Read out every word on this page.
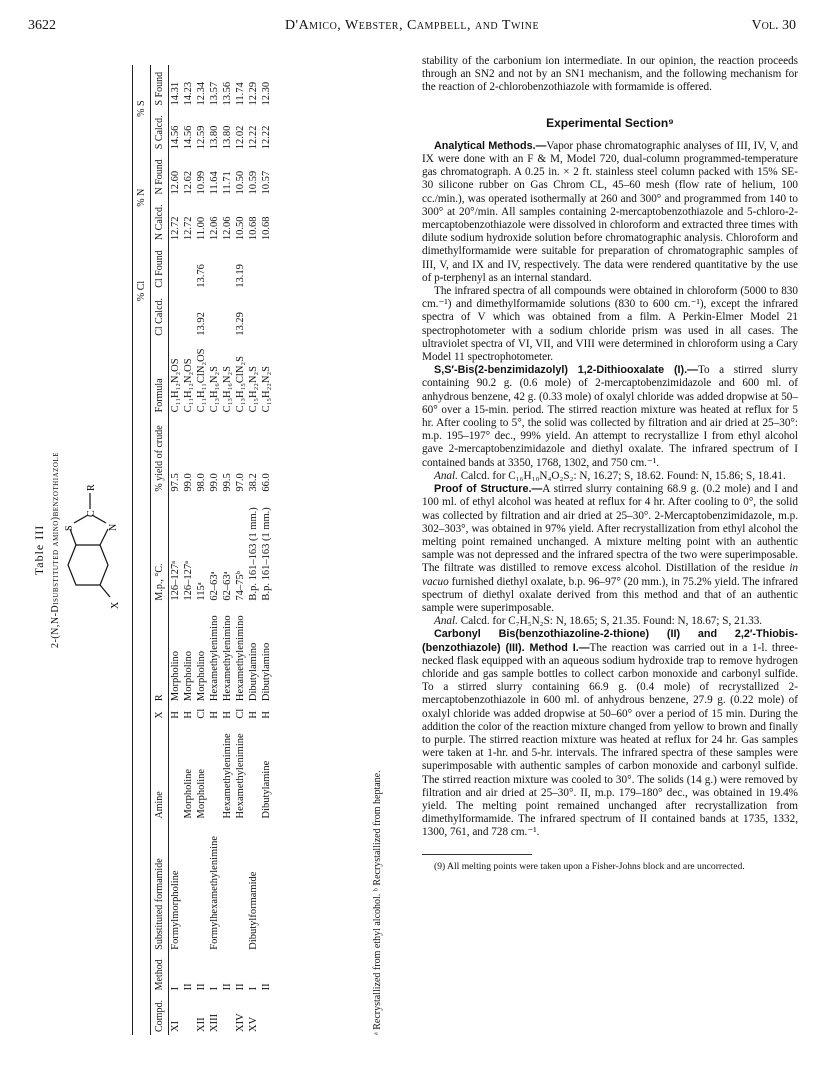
3622	D'Amico, Webster, Campbell, and Twine	Vol. 30
Table III 2-(N,N-Disubstituted amino)benzothiazole S	N
C
R
X
									% Cl		% N		% S	
Compd.	Method	Substituted formamide	Amine	X	R	M.p., °C.	% yield of crude	Formula	Cl Calcd.	Cl Found	N Calcd.	N Found	S Calcd.	S Found
XI	I	Formylmorpholine		H	Morpholino	126–127ᵃ	97.5	C₁₁H₁₂N₂OS			12.72	12.60	14.56	14.31
	II		Morpholine	H	Morpholino	126–127ᵃ	99.0	C₁₁H₁₂N₂OS			12.72	12.62	14.56	14.23
XII	II		Morpholine	Cl	Morpholino	115ᵃ	98.0	C₁₁H₁₁ClN₂OS	13.92	13.76	11.00	10.99	12.59	12.34
XIII	I	Formylhexamethylenimine		H	Hexamethylenimino	62–63ᵃ	99.0	C₁₃H₁₆N₂S			12.06	11.64	13.80	13.57
	II		Hexamethylenimine	H	Hexamethylenimino	62–63ᵃ	99.5	C₁₃H₁₆N₂S			12.06	11.71	13.80	13.56
XIV	II		Hexamethylenimine	Cl	Hexamethylenimino	74–75ᵇ	97.0	C₁₃H₁₅ClN₂S	13.29	13.19	10.50	10.50	12.02	11.74
XV	I	Dibutylformamide		H	Dibutylamino	B.p. 161–163 (1 mm.)	38.2	C₁₅H₂₂N₂S			10.68	10.59	12.22	12.29
	II		Dibutylamine	H	Dibutylamino	B.p. 161–163 (1 mm.)	66.0	C₁₅H₂₂N₂S			10.68	10.57	12.22	12.30
ᵃ Recrystallized from ethyl alcohol. ᵇ Recrystallized from heptane.

stability of the carbonium ion intermediate. In our opinion, the reaction proceeds through an SN2 and not by an SN1 mechanism, and the following mechanism for the reaction of 2-chlorobenzothiazole with formamide is offered.

Experimental Section⁹

Analytical Methods.—Vapor phase chromatographic analyses of III, IV, V, and IX were done with an F & M, Model 720, dual-column programmed-temperature gas chromatograph. A 0.25 in. × 2 ft. stainless steel column packed with 15% SE-30 silicone rubber on Gas Chrom CL, 45–60 mesh (flow rate of helium, 100 cc./min.), was operated isothermally at 260 and 300° and programmed from 140 to 300° at 20°/min. All samples containing 2-mercaptobenzothiazole and 5-chloro-2-mercaptobenzothiazole were dissolved in chloroform and extracted three times with dilute sodium hydroxide solution before chromatographic analysis. Chloroform and dimethylformamide were suitable for preparation of chromatographic samples of III, V, and IX and IV, respectively. The data were rendered quantitative by the use of p-terphenyl as an internal standard.

The infrared spectra of all compounds were obtained in chloroform (5000 to 830 cm.⁻¹) and dimethylformamide solutions (830 to 600 cm.⁻¹), except the infrared spectra of V which was obtained from a film. A Perkin-Elmer Model 21 spectrophotometer with a sodium chloride prism was used in all cases. The ultraviolet spectra of VI, VII, and VIII were determined in chloroform using a Cary Model 11 spectrophotometer.

S,S′-Bis(2-benzimidazolyl) 1,2-Dithiooxalate (I).—To a stirred slurry containing 90.2 g. (0.6 mole) of 2-mercaptobenzimidazole and 600 ml. of anhydrous benzene, 42 g. (0.33 mole) of oxalyl chloride was added dropwise at 50–60° over a 15-min. period. The stirred reaction mixture was heated at reflux for 5 hr. After cooling to 5°, the solid was collected by filtration and air dried at 25–30°: m.p. 195–197° dec., 99% yield. An attempt to recrystallize I from ethyl alcohol gave 2-mercaptobenzimidazole and diethyl oxalate. The infrared spectrum of I contained bands at 3350, 1768, 1302, and 750 cm.⁻¹.

Anal. Calcd. for C₁₆H₁₀N₄O₂S₂: N, 16.27; S, 18.62. Found: N, 15.86; S, 18.41.

Proof of Structure.—A stirred slurry containing 68.9 g. (0.2 mole) and I and 100 ml. of ethyl alcohol was heated at reflux for 4 hr. After cooling to 0°, the solid was collected by filtration and air dried at 25–30°. 2-Mercaptobenzimidazole, m.p. 302–303°, was obtained in 97% yield. After recrystallization from ethyl alcohol the melting point remained unchanged. A mixture melting point with an authentic sample was not depressed and the infrared spectra of the two were superimposable. The filtrate was distilled to remove excess alcohol. Distillation of the residue in vacuo furnished diethyl oxalate, b.p. 96–97° (20 mm.), in 75.2% yield. The infrared spectrum of diethyl oxalate derived from this method and that of an authentic sample were superimposable.

Anal. Calcd. for C₇H₅N₂S: N, 18.65; S, 21.35. Found: N, 18.67; S, 21.33.

Carbonyl Bis(benzothiazoline-2-thione) (II) and 2,2′-Thiobis-(benzothiazole) (III). Method I.—The reaction was carried out in a 1-l. three-necked flask equipped with an aqueous sodium hydroxide trap to remove hydrogen chloride and gas sample bottles to collect carbon monoxide and carbonyl sulfide. To a stirred slurry containing 66.9 g. (0.4 mole) of recrystallized 2-mercaptobenzothiazole in 600 ml. of anhydrous benzene, 27.9 g. (0.22 mole) of oxalyl chloride was added dropwise at 50–60° over a period of 15 min. During the addition the color of the reaction mixture changed from yellow to brown and finally to purple. The stirred reaction mixture was heated at reflux for 24 hr. Gas samples were taken at 1-hr. and 5-hr. intervals. The infrared spectra of these samples were superimposable with authentic samples of carbon monoxide and carbonyl sulfide. The stirred reaction mixture was cooled to 30°. The solids (14 g.) were removed by filtration and air dried at 25–30°. II, m.p. 179–180° dec., was obtained in 19.4% yield. The melting point remained unchanged after recrystallization from dimethylformamide. The infrared spectrum of II contained bands at 1735, 1332, 1300, 761, and 728 cm.⁻¹.

(9) All melting points were taken upon a Fisher-Johns block and are uncorrected.
